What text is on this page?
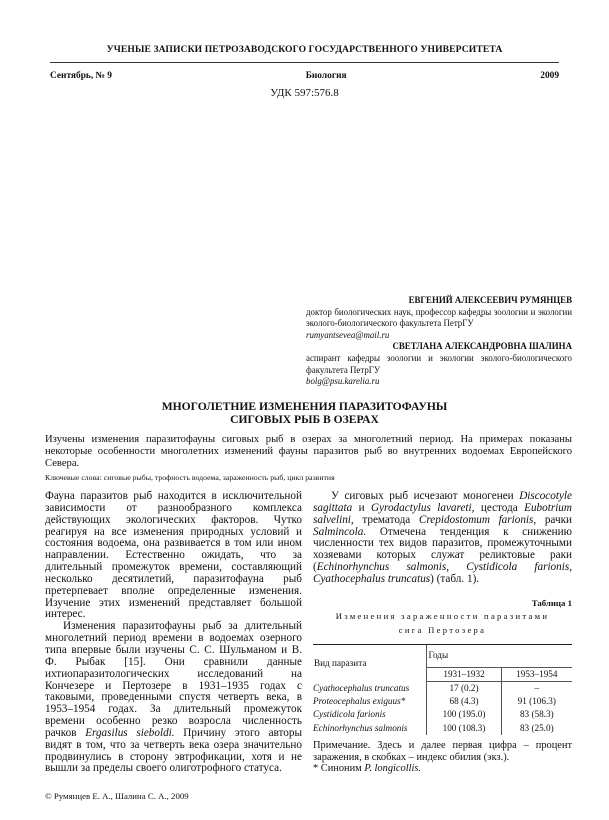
УЧЕНЫЕ ЗАПИСКИ ПЕТРОЗАВОДСКОГО ГОСУДАРСТВЕННОГО УНИВЕРСИТЕТА
Сентябрь, № 9	Биология	2009
УДК 597:576.8
ЕВГЕНИЙ АЛЕКСЕЕВИЧ РУМЯНЦЕВ
доктор биологических наук, профессор кафедры зоологии и экологии эколого-биологического факультета ПетрГУ
rumyantsevea@mail.ru
СВЕТЛАНА АЛЕКСАНДРОВНА ШАЛИНА
аспирант кафедры зоологии и экологии эколого-биологического факультета ПетрГУ
bolg@psu.karelia.ru
МНОГОЛЕТНИЕ ИЗМЕНЕНИЯ ПАРАЗИТОФАУНЫ
СИГОВЫХ РЫБ В ОЗЕРАХ
Изучены изменения паразитофауны сиговых рыб в озерах за многолетний период. На примерах показаны некоторые особенности многолетних изменений фауны паразитов рыб во внутренних водоемах Европейского Севера.
Ключевые слова: сиговые рыбы, трофность водоема, зараженность рыб, цикл развития

Фауна паразитов рыб находится в исключительной зависимости от разнообразного комплекса действующих экологических факторов. Чутко реагируя на все изменения природных условий и состояния водоема, она развивается в том или ином направлении. Естественно ожидать, что за длительный промежуток времени, составляющий несколько десятилетий, паразитофауна рыб претерпевает вполне определенные изменения. Изучение этих изменений представляет большой интерес.

Изменения паразитофауны рыб за длительный многолетний период времени в водоемах озерного типа впервые были изучены С. С. Шульманом и В. Ф. Рыбак [15]. Они сравнили данные ихтиопаразитологических исследований на Кончезере и Пертозере в 1931–1935 годах с таковыми, проведенными спустя четверть века, в 1953–1954 годах. За длительный промежуток времени особенно резко возросла численность рачков Ergasilus sieboldi. Причину этого авторы видят в том, что за четверть века озера значительно продвинулись в сторону эвтрофикации, хотя и не вышли за пределы своего олиготрофного статуса.

© Румянцев Е. А., Шалина С. А., 2009

У сиговых рыб исчезают моногенеи Discocotyle sagittata и Gyrodactylus lavareti, цестода Eubotrium salvelini, трематода Crepidostomum farionis, рачки Salmincola. Отмечена тенденция к снижению численности тех видов паразитов, промежуточными хозяевами которых служат реликтовые раки (Echinorhynchus salmonis, Cystidicola farionis, Cyathocephalus truncatus) (табл. 1).

Таблица 1
Изменения зараженности паразитами
сига Пертозера
Вид паразита	Годы	
	1931–1932	1953–1954
Cyathocephalus truncatus	17 (0.2)	–
Proteocephalus exiguus*	68 (4.3)	91 (106.3)
Cystidicola farionis	100 (195.0)	83 (58.3)
Echinorhynchus salmonis	100 (108.3)	83 (25.0)
Примечание. Здесь и далее первая цифра – процент заражения, в скобках – индекс обилия (экз.).
* Синоним P. longicollis.
